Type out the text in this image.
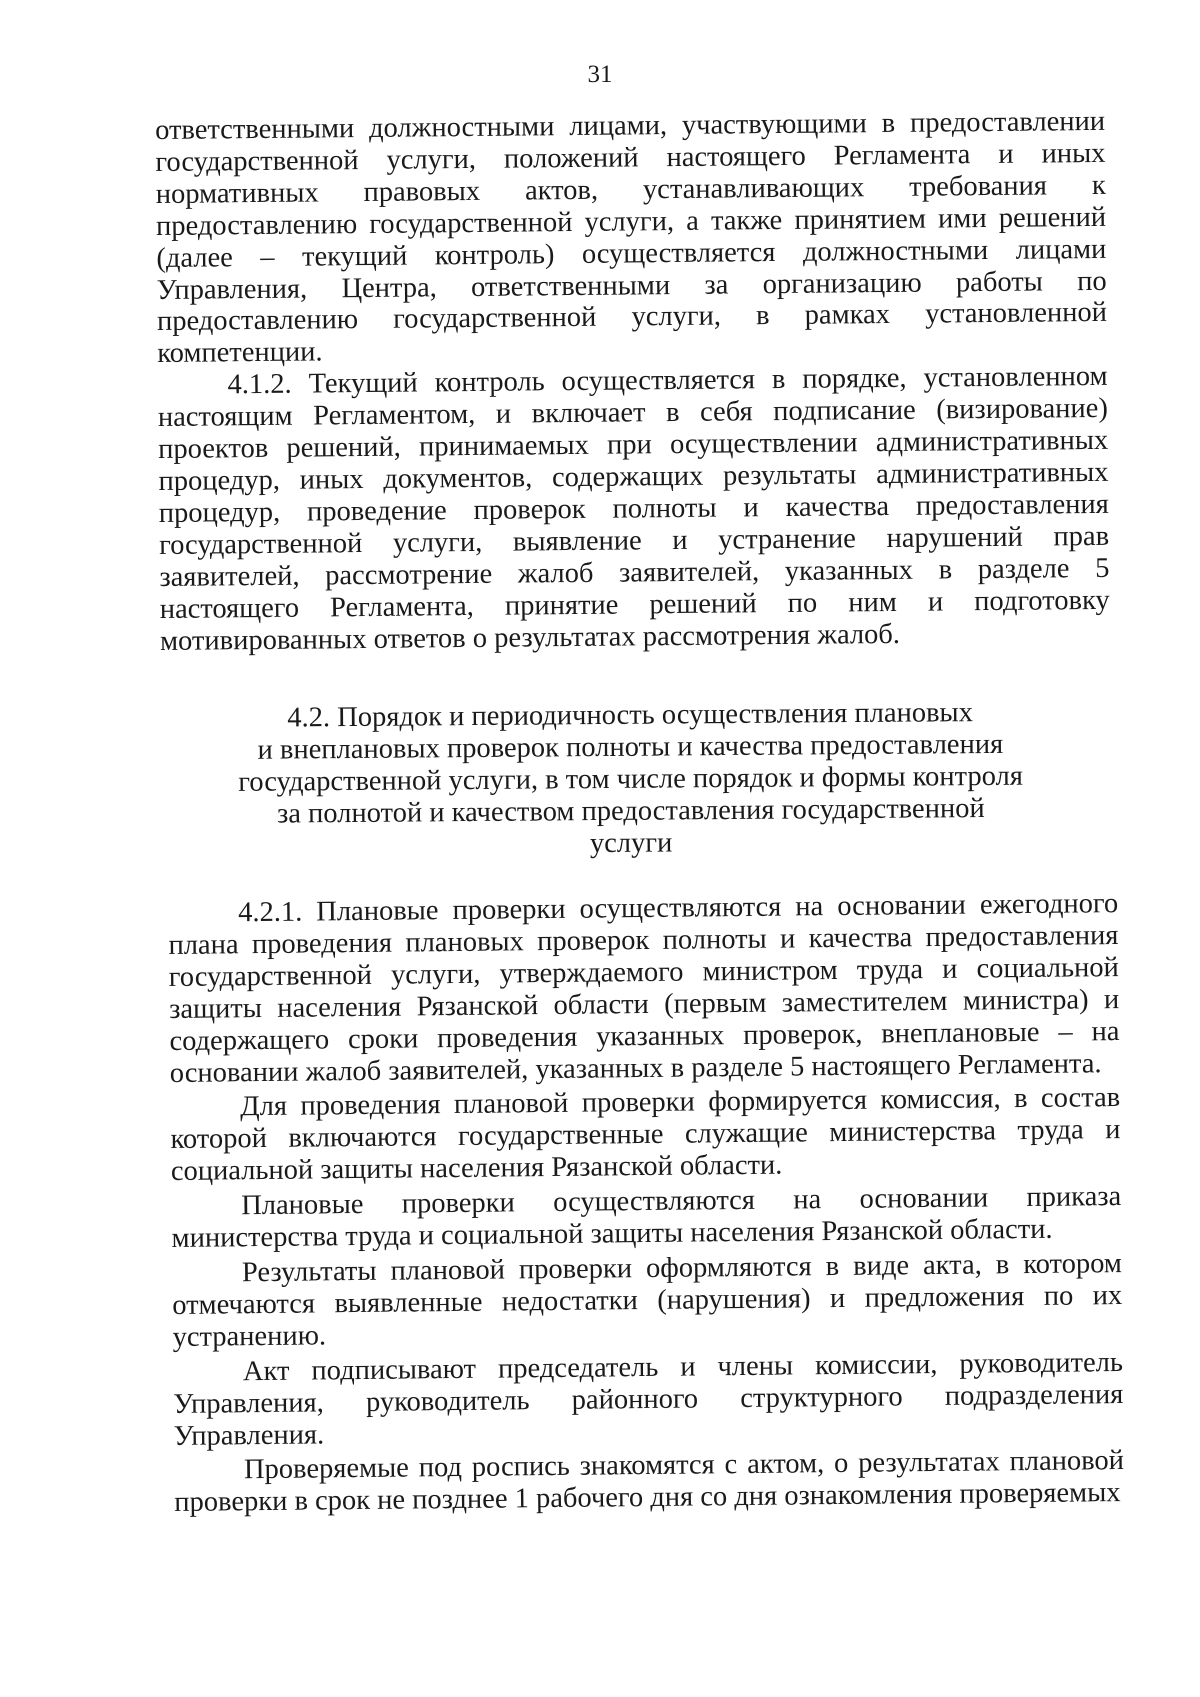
31

ответственными должностными лицами, участвующими в предоставлении государственной услуги, положений настоящего Регламента и иных нормативных правовых актов, устанавливающих требования к предоставлению государственной услуги, а также принятием ими решений (далее – текущий контроль) осуществляется должностными лицами Управления, Центра, ответственными за организацию работы по предоставлению государственной услуги, в рамках установленной компетенции.

4.1.2. Текущий контроль осуществляется в порядке, установленном настоящим Регламентом, и включает в себя подписание (визирование) проектов решений, принимаемых при осуществлении административных процедур, иных документов, содержащих результаты административных процедур, проведение проверок полноты и качества предоставления государственной услуги, выявление и устранение нарушений прав заявителей, рассмотрение жалоб заявителей, указанных в разделе 5 настоящего Регламента, принятие решений по ним и подготовку мотивированных ответов о результатах рассмотрения жалоб.

4.2. Порядок и периодичность осуществления плановых

и внеплановых проверок полноты и качества предоставления

государственной услуги, в том числе порядок и формы контроля

за полнотой и качеством предоставления государственной

услуги

4.2.1. Плановые проверки осуществляются на основании ежегодного плана проведения плановых проверок полноты и качества предоставления государственной услуги, утверждаемого министром труда и социальной защиты населения Рязанской области (первым заместителем министра) и содержащего сроки проведения указанных проверок, внеплановые – на основании жалоб заявителей, указанных в разделе 5 настоящего Регламента.

Для проведения плановой проверки формируется комиссия, в состав которой включаются государственные служащие министерства труда и социальной защиты населения Рязанской области.

Плановые проверки осуществляются на основании приказа министерства труда и социальной защиты населения Рязанской области.

Результаты плановой проверки оформляются в виде акта, в котором отмечаются выявленные недостатки (нарушения) и предложения по их устранению.

Акт подписывают председатель и члены комиссии, руководитель Управления, руководитель районного структурного подразделения Управления.

Проверяемые под роспись знакомятся с актом, о результатах плановой проверки в срок не позднее 1 рабочего дня со дня ознакомления проверяемых
